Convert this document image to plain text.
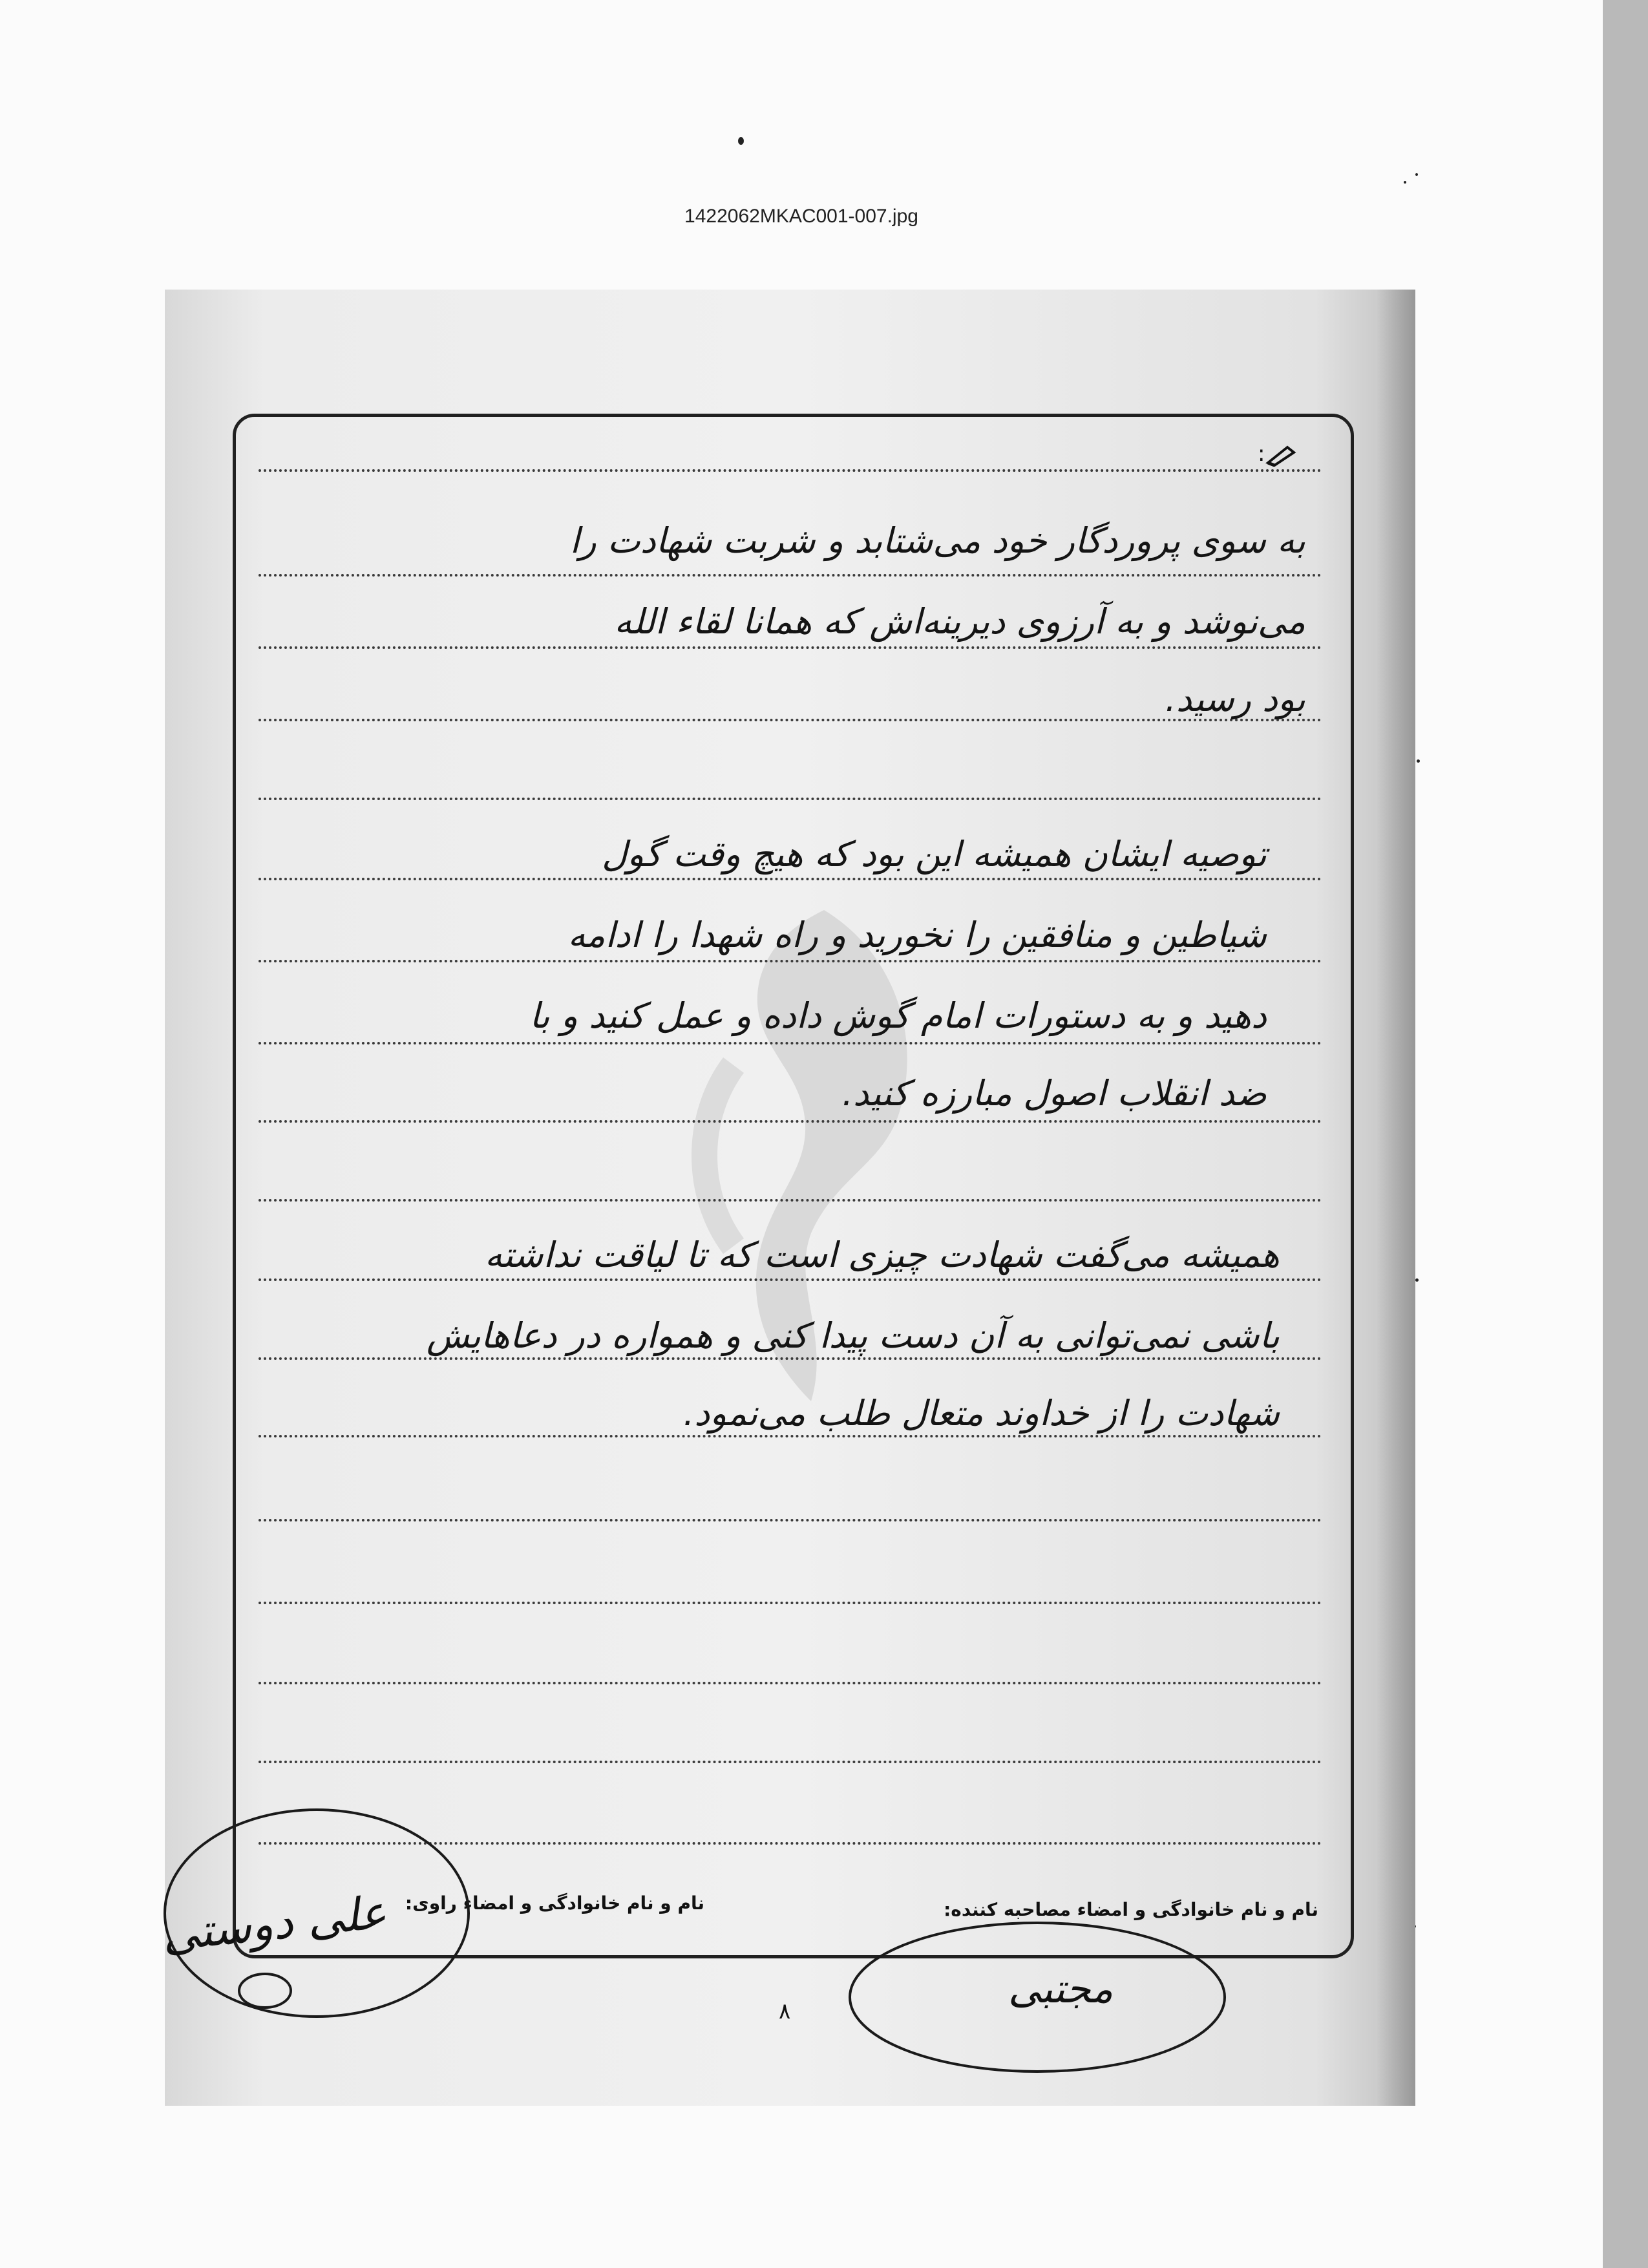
1422062MKAC001-007.jpg
:
به سوی پروردگار خود می‌شتابد و شربت شهادت را
می‌نوشد و به آرزوی دیرینه‌اش که همانا لقاء الله
بود رسید.
توصیه ایشان همیشه این بود که هیچ وقت گول
شیاطین و منافقین را نخورید و راه شهدا را ادامه
دهید و به دستورات امام گوش داده و عمل کنید و با
ضد انقلاب اصول مبارزه کنید.
همیشه می‌گفت شهادت چیزی است که تا لیاقت نداشته
باشی نمی‌توانی به آن دست پیدا کنی و همواره در دعاهایش
شهادت را از خداوند متعال طلب می‌نمود.
نام و نام خانوادگی و امضاء مصاحبه کننده:
نام و نام خانوادگی و امضاء راوی:
علی دوستی
مجتبی
۸
